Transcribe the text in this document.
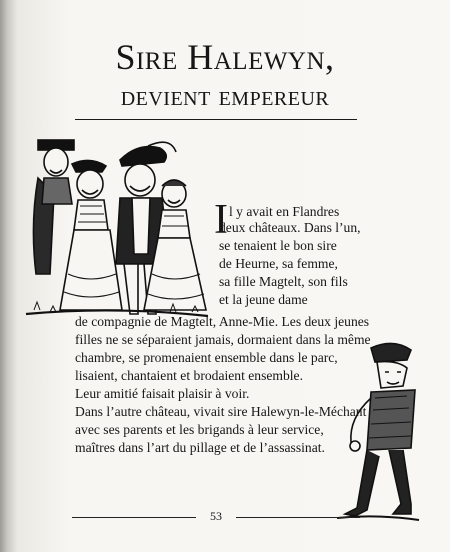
Sire Halewyn,
devient empereur
I l y avait en Flandres

deux châteaux. Dans l’un,

se tenaient le bon sire

de Heurne, sa femme,

sa fille Magtelt, son fils

et la jeune dame

de compagnie de Magtelt, Anne-Mie. Les deux jeunes

filles ne se séparaient jamais, dormaient dans la même

chambre, se promenaient ensemble dans le parc,

lisaient, chantaient et brodaient ensemble.

Leur amitié faisait plaisir à voir.

Dans l’autre château, vivait sire Halewyn-le-Méchant

avec ses parents et les brigands à leur service,

maîtres dans l’art du pillage et de l’assassinat.

53
